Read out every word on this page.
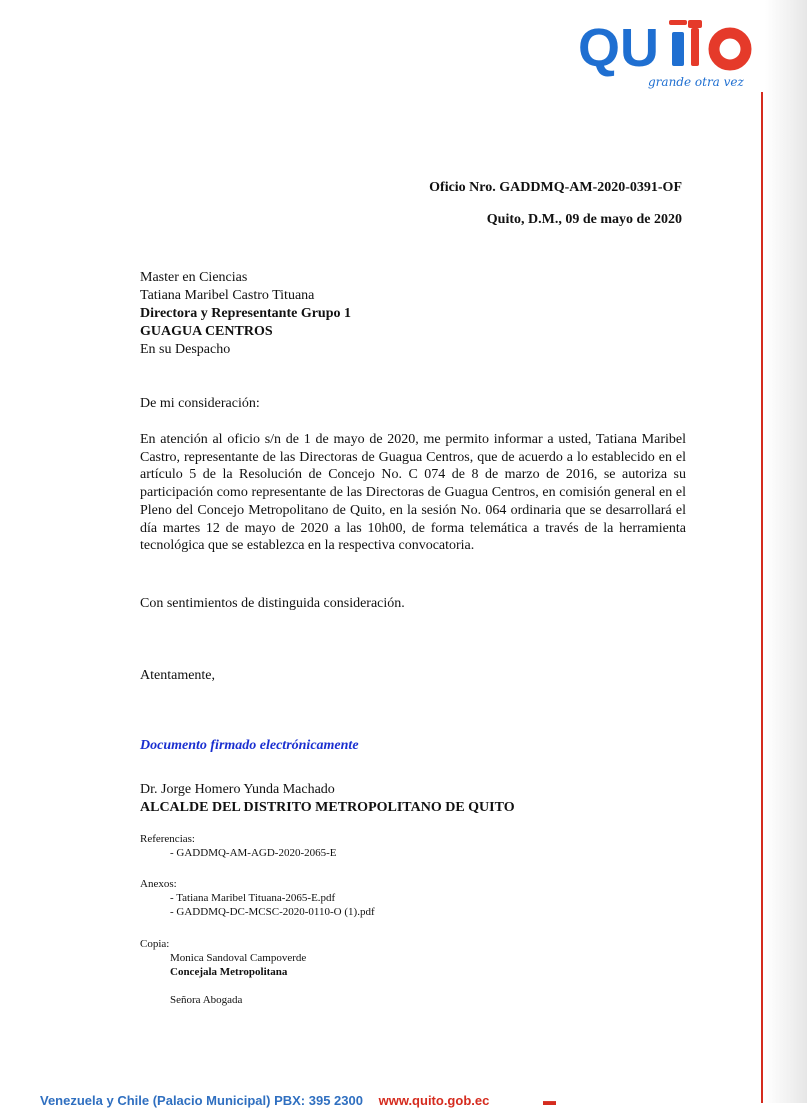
QU
grande otra vez
Oficio Nro. GADDMQ-AM-2020-0391-OF
Quito, D.M., 09 de mayo de 2020
Master en Ciencias
Tatiana Maribel Castro Tituana
Directora y Representante Grupo 1
GUAGUA CENTROS
En su Despacho
De mi consideración:
En atención al oficio s/n de 1 de mayo de 2020, me permito informar a usted, Tatiana Maribel Castro, representante de las Directoras de Guagua Centros, que de acuerdo a lo establecido en el artículo 5 de la Resolución de Concejo No. C 074 de 8 de marzo de 2016, se autoriza su participación como representante de las Directoras de Guagua Centros, en comisión general en el Pleno del Concejo Metropolitano de Quito, en la sesión No. 064 ordinaria que se desarrollará el día martes 12 de mayo de 2020 a las 10h00, de forma telemática a través de la herramienta tecnológica que se establezca en la respectiva convocatoria.
Con sentimientos de distinguida consideración.
Atentamente,
Documento firmado electrónicamente
Dr. Jorge Homero Yunda Machado
ALCALDE DEL DISTRITO METROPOLITANO DE QUITO
Referencias:
- GADDMQ-AM-AGD-2020-2065-E
Anexos:
- Tatiana Maribel Tituana-2065-E.pdf
- GADDMQ-DC-MCSC-2020-0110-O (1).pdf
Copia:
Monica Sandoval Campoverde
Concejala Metropolitana
Señora Abogada
Venezuela y Chile (Palacio Municipal) PBX: 395 2300 www.quito.gob.ec	▬
